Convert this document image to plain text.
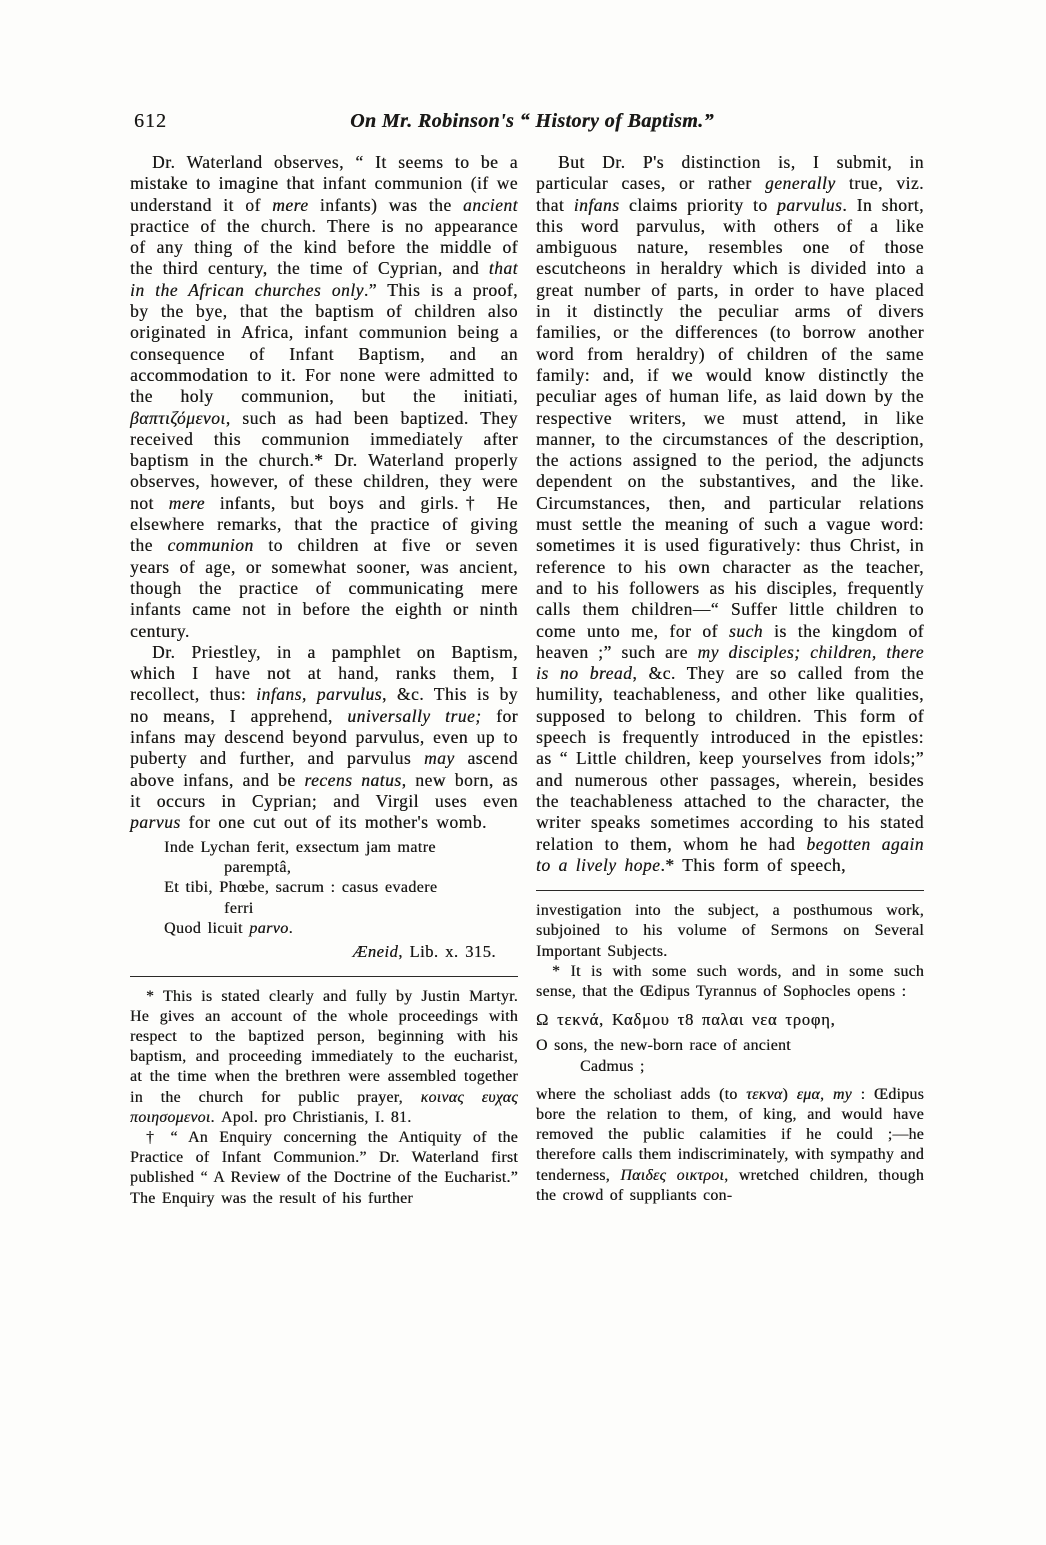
612	On Mr. Robinson's “ History of Baptism.”

Dr. Waterland observes, “ It seems to be a mistake to imagine that infant communion (if we understand it of mere infants) was the ancient practice of the church. There is no appearance of any thing of the kind before the middle of the third century, the time of Cyprian, and that in the African churches only.” This is a proof, by the bye, that the baptism of children also originated in Africa, infant communion being a consequence of Infant Baptism, and an accommodation to it. For none were admitted to the holy communion, but the initiati, βαπτιζόμενοι, such as had been baptized. They received this communion immediately after baptism in the church.* Dr. Waterland properly observes, however, of these children, they were not mere infants, but boys and girls.† He elsewhere remarks, that the practice of giving the communion to children at five or seven years of age, or somewhat sooner, was ancient, though the practice of communicating mere infants came not in before the eighth or ninth century.

Dr. Priestley, in a pamphlet on Baptism, which I have not at hand, ranks them, I recollect, thus: infans, parvulus, &c. This is by no means, I apprehend, universally true; for infans may descend beyond parvulus, even up to puberty and further, and parvulus may ascend above infans, and be recens natus, new born, as it occurs in Cyprian; and Virgil uses even parvus for one cut out of its mother's womb.

Inde Lychan ferit, exsectum jam matre
paremptâ,
Et tibi, Phœbe, sacrum : casus evadere
ferri
Quod licuit parvo.
Æneid, Lib. x. 315.

* This is stated clearly and fully by Justin Martyr. He gives an account of the whole proceedings with respect to the baptized person, beginning with his baptism, and proceeding immediately to the eucharist, at the time when the brethren were assembled together in the church for public prayer, κοινας ευχας ποιησομενοι. Apol. pro Christianis, I. 81.

† “ An Enquiry concerning the Antiquity of the Practice of Infant Communion.” Dr. Waterland first published “ A Review of the Doctrine of the Eucharist.” The Enquiry was the result of his further

But Dr. P's distinction is, I submit, in particular cases, or rather generally true, viz. that infans claims priority to parvulus. In short, this word parvulus, with others of a like ambiguous nature, resembles one of those escutcheons in heraldry which is divided into a great number of parts, in order to have placed in it distinctly the peculiar arms of divers families, or the differences (to borrow another word from heraldry) of children of the same family: and, if we would know distinctly the peculiar ages of human life, as laid down by the respective writers, we must attend, in like manner, to the circumstances of the description, the actions assigned to the period, the adjuncts dependent on the substantives, and the like. Circumstances, then, and particular relations must settle the meaning of such a vague word: sometimes it is used figuratively: thus Christ, in reference to his own character as the teacher, and to his followers as his disciples, frequently calls them children—“ Suffer little children to come unto me, for of such is the kingdom of heaven ;” such are my disciples; children, there is no bread, &c. They are so called from the humility, teachableness, and other like qualities, supposed to belong to children. This form of speech is frequently introduced in the epistles: as “ Little children, keep yourselves from idols;” and numerous other passages, wherein, besides the teachableness attached to the character, the writer speaks sometimes according to his stated relation to them, whom he had begotten again to a lively hope.* This form of speech,

investigation into the subject, a posthumous work, subjoined to his volume of Sermons on Several Important Subjects.

* It is with some such words, and in some such sense, that the Œdipus Tyrannus of Sophocles opens :

Ω τεκνά, Καδμου τ8 παλαι νεα τροφη,
O sons, the new-born race of ancient
Cadmus ;

where the scholiast adds (to τεκνα) εμα, my : Œdipus bore the relation to them, of king, and would have removed the public calamities if he could ;—he therefore calls them indiscriminately, with sympathy and tenderness, Παιδες οικτροι, wretched children, though the crowd of suppliants con-
